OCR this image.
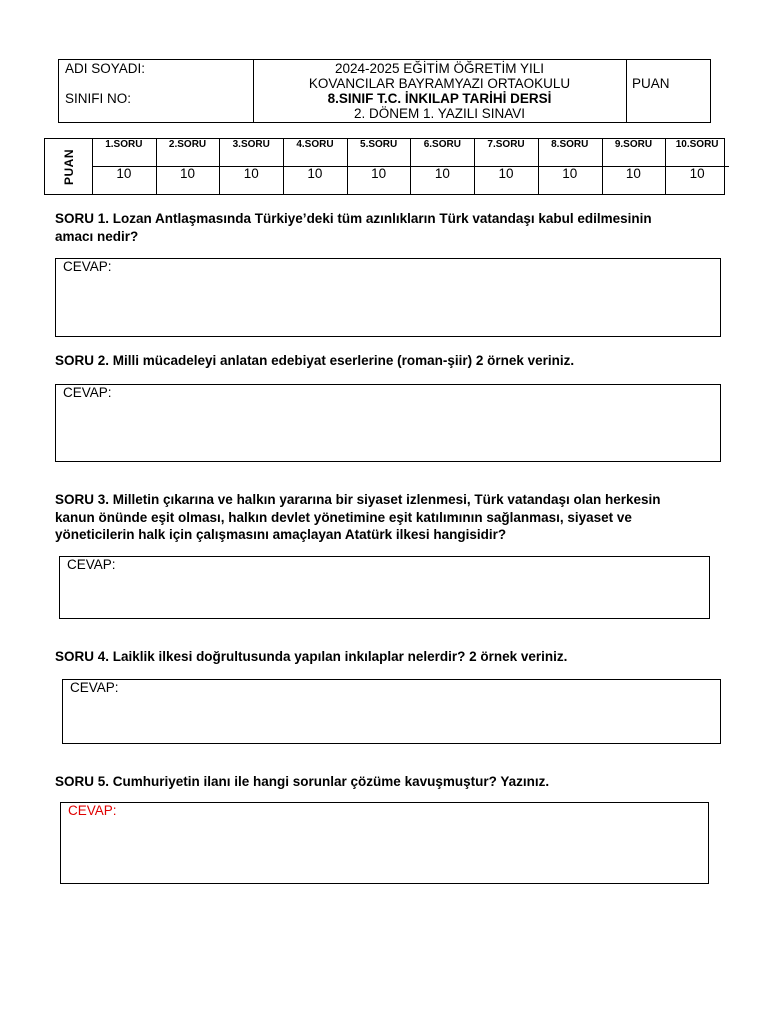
ADI SOYADI:
SINIFI NO:
2024-2025 EĞİTİM ÖĞRETİM YILI
KOVANCILAR BAYRAMYAZI ORTAOKULU
8.SINIF T.C. İNKILAP TARİHİ DERSİ
2. DÖNEM 1. YAZILI SINAVI
PUAN
PUAN
1.SORU
10
2.SORU
10
3.SORU
10
4.SORU
10
5.SORU
10
6.SORU
10
7.SORU
10
8.SORU
10
9.SORU
10
10.SORU
10
SORU 1. Lozan Antlaşmasında Türkiye’deki tüm azınlıkların Türk vatandaşı kabul edilmesinin
amacı nedir?
CEVAP:
SORU 2. Milli mücadeleyi anlatan edebiyat eserlerine (roman-şiir) 2 örnek veriniz.
CEVAP:
SORU 3. Milletin çıkarına ve halkın yararına bir siyaset izlenmesi, Türk vatandaşı olan herkesin
kanun önünde eşit olması, halkın devlet yönetimine eşit katılımının sağlanması, siyaset ve
yöneticilerin halk için çalışmasını amaçlayan Atatürk ilkesi hangisidir?
CEVAP:
SORU 4. Laiklik ilkesi doğrultusunda yapılan inkılaplar nelerdir? 2 örnek veriniz.
CEVAP:
SORU 5. Cumhuriyetin ilanı ile hangi sorunlar çözüme kavuşmuştur? Yazınız.
CEVAP:
